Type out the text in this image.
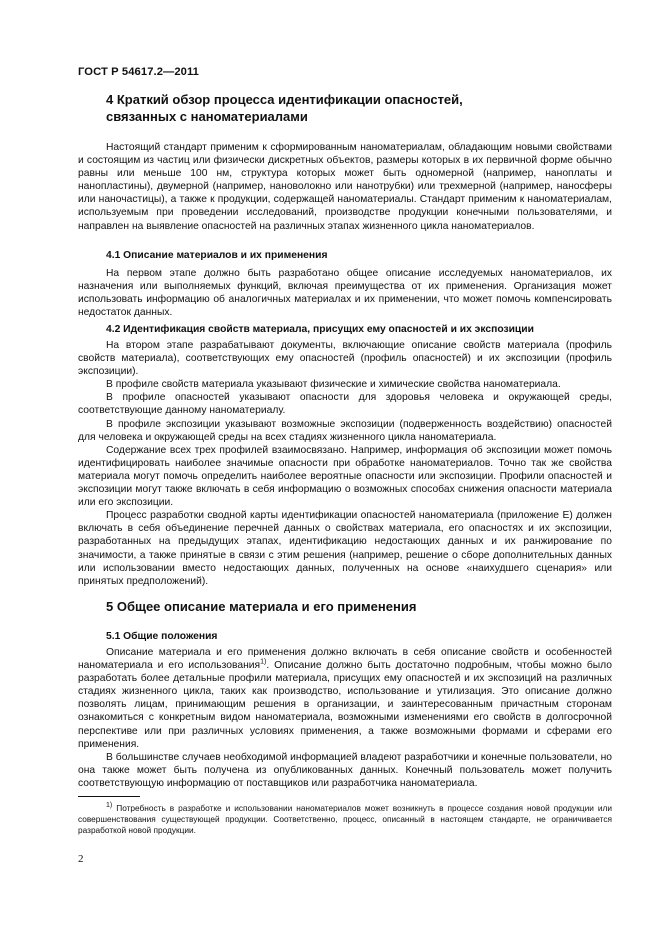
ГОСТ Р 54617.2—2011
4 Краткий обзор процесса идентификации опасностей,
связанных с наноматериалами

Настоящий стандарт применим к сформированным наноматериалам, обладающим новыми свойствами и состоящим из частиц или физически дискретных объектов, размеры которых в их первичной форме обычно равны или меньше 100 нм, структура которых может быть одномерной (например, наноплаты и нанопластины), двумерной (например, нановолокно или нанотрубки) или трехмерной (например, наносферы или наночастицы), а также к продукции, содержащей наноматериалы. Стандарт применим к наноматериалам, используемым при проведении исследований, производстве продукции конечными пользователями, и направлен на выявление опасностей на различных этапах жизненного цикла наноматериалов.

4.1 Описание материалов и их применения

На первом этапе должно быть разработано общее описание исследуемых наноматериалов, их назначения или выполняемых функций, включая преимущества от их применения. Организация может использовать информацию об аналогичных материалах и их применении, что может помочь компенсировать недостаток данных.

4.2 Идентификация свойств материала, присущих ему опасностей и их экспозиции

На втором этапе разрабатывают документы, включающие описание свойств материала (профиль свойств материала), соответствующих ему опасностей (профиль опасностей) и их экспозиции (профиль экспозиции).

В профиле свойств материала указывают физические и химические свойства наноматериала.

В профиле опасностей указывают опасности для здоровья человека и окружающей среды, соответствующие данному наноматериалу.

В профиле экспозиции указывают возможные экспозиции (подверженность воздействию) опасностей для человека и окружающей среды на всех стадиях жизненного цикла наноматериала.

Содержание всех трех профилей взаимосвязано. Например, информация об экспозиции может помочь идентифицировать наиболее значимые опасности при обработке наноматериалов. Точно так же свойства материала могут помочь определить наиболее вероятные опасности или экспозиции. Профили опасностей и экспозиции могут также включать в себя информацию о возможных способах снижения опасности материала или его экспозиции.

Процесс разработки сводной карты идентификации опасностей наноматериала (приложение Е) должен включать в себя объединение перечней данных о свойствах материала, его опасностях и их экспозиции, разработанных на предыдущих этапах, идентификацию недостающих данных и их ранжирование по значимости, а также принятые в связи с этим решения (например, решение о сборе дополнительных данных или использовании вместо недостающих данных, полученных на основе «наихудшего сценария» или принятых предположений).

5 Общее описание материала и его применения
5.1 Общие положения

Описание материала и его применения должно включать в себя описание свойств и особенностей наноматериала и его использования$^{1)}$. Описание должно быть достаточно подробным, чтобы можно было разработать более детальные профили материала, присущих ему опасностей и их экспозиций на различных стадиях жизненного цикла, таких как производство, использование и утилизация. Это описание должно позволять лицам, принимающим решения в организации, и заинтересованным причастным сторонам ознакомиться с конкретным видом наноматериала, возможными изменениями его свойств в долгосрочной перспективе или при различных условиях применения, а также возможными формами и сферами его применения.

В большинстве случаев необходимой информацией владеют разработчики и конечные пользователи, но она также может быть получена из опубликованных данных. Конечный пользователь может получить соответствующую информацию от поставщиков или разработчика наноматериала.

$^{1)}$ Потребность в разработке и использовании наноматериалов может возникнуть в процессе создания новой продукции или совершенствования существующей продукции. Соответственно, процесс, описанный в настоящем стандарте, не ограничивается разработкой новой продукции.

2
